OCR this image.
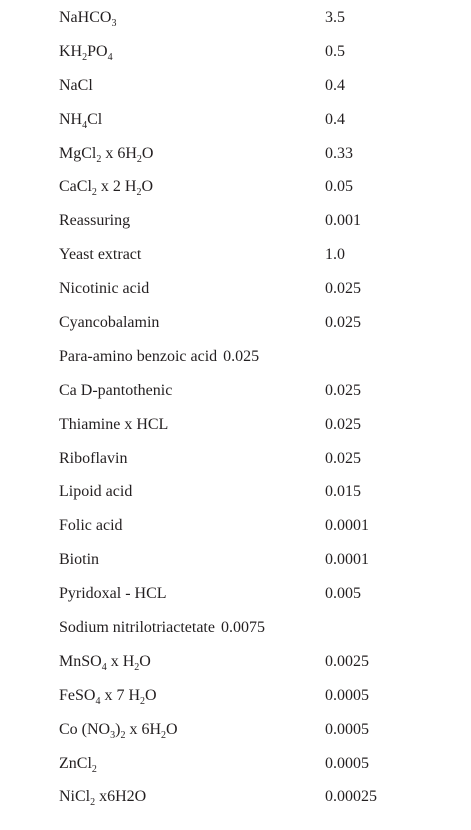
NaHCO$_3$	3.5
$KH_2PO_4$	0.5
NaCl	0.4
$NH_4Cl$	0.4
MgCl$_2$ x $6H_2O$	0.33
CaCl$_2$ x 2 $H_2O$	0.05
Reassuring	0.001
Yeast extract	1.0
Nicotinic acid	0.025
Cyancobalamin	0.025
Para-amino benzoic acid 0.025
Ca D-pantothenic	0.025
Thiamine x HCL	0.025
Riboflavin	0.025
Lipoid acid	0.015
Folic acid	0.0001
Biotin	0.0001
Pyridoxal - HCL	0.005
Sodium nitrilotriactetate 0.0075
MnSO$_4$ x $H_2O$	0.0025
FeSO$_4$ x 7 $H_2O$	0.0005
Co $(NO_3)_2$ x $6H_2O$	0.0005
ZnCl$_2$	0.0005
NiCl$_2$ x6H2O	0.00025
